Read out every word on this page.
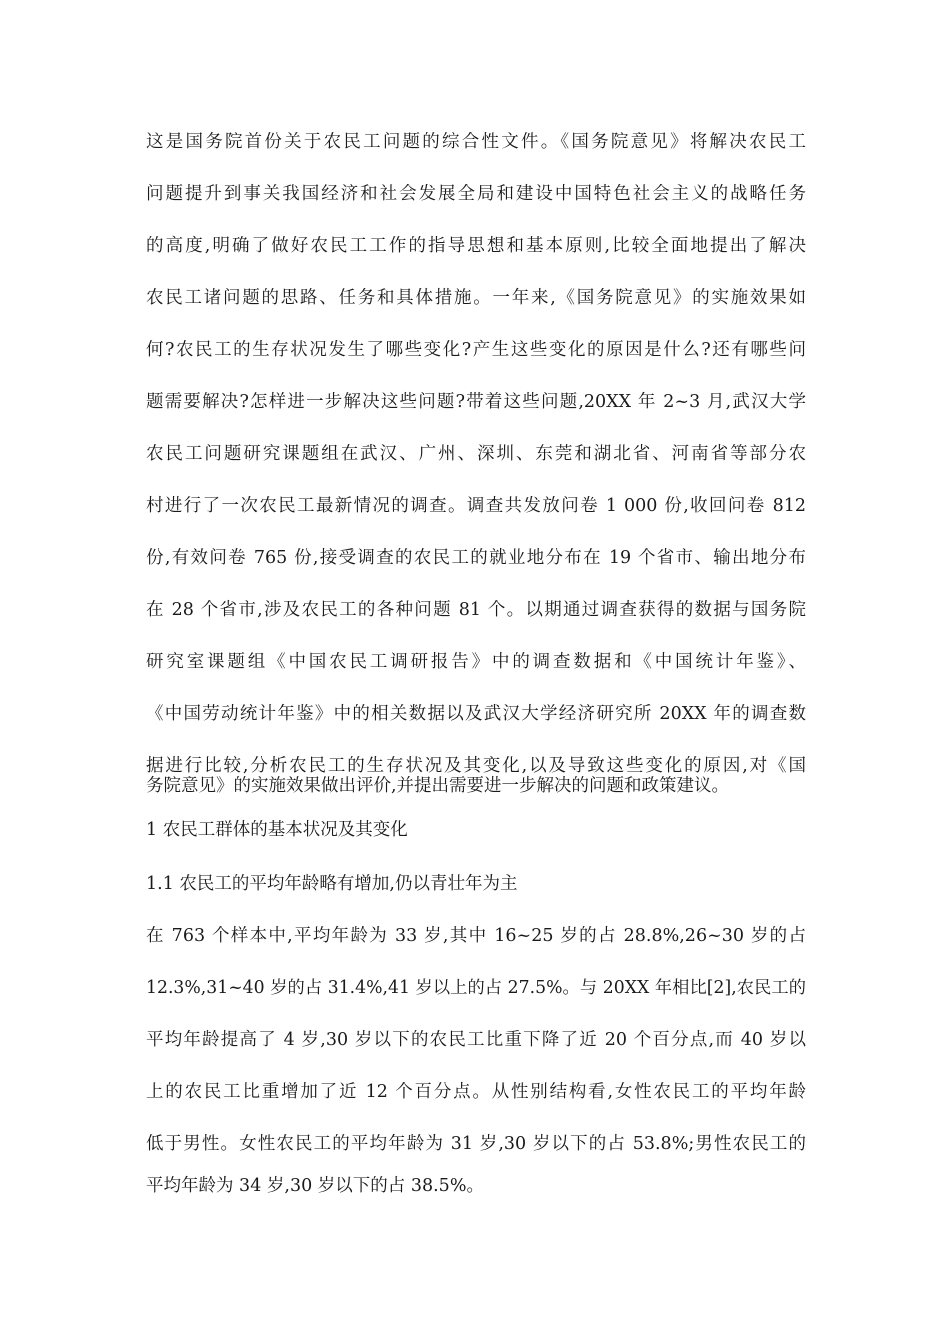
这是国务院首份关于农民工问题的综合性文件。《国务院意见》将解决农民工
问题提升到事关我国经济和社会发展全局和建设中国特色社会主义的战略任务
的高度,明确了做好农民工工作的指导思想和基本原则,比较全面地提出了解决
农民工诸问题的思路、任务和具体措施。一年来,《国务院意见》的实施效果如
何?农民工的生存状况发生了哪些变化?产生这些变化的原因是什么?还有哪些问
题需要解决?怎样进一步解决这些问题?带着这些问题,20XX 年 2~3 月,武汉大学
农民工问题研究课题组在武汉、广州、深圳、东莞和湖北省、河南省等部分农
村进行了一次农民工最新情况的调查。调查共发放问卷 1 000 份,收回问卷 812
份,有效问卷 765 份,接受调查的农民工的就业地分布在 19 个省市、输出地分布
在 28 个省市,涉及农民工的各种问题 81 个。以期通过调查获得的数据与国务院
研究室课题组《中国农民工调研报告》中的调查数据和《中国统计年鉴》、
《中国劳动统计年鉴》中的相关数据以及武汉大学经济研究所 20XX 年的调查数
据进行比较,分析农民工的生存状况及其变化,以及导致这些变化的原因,对《国
务院意见》的实施效果做出评价,并提出需要进一步解决的问题和政策建议。
1 农民工群体的基本状况及其变化
1.1 农民工的平均年龄略有增加,仍以青壮年为主
在 763 个样本中,平均年龄为 33 岁,其中 16~25 岁的占 28.8%,26~30 岁的占
12.3%,31~40 岁的占 31.4%,41 岁以上的占 27.5%。与 20XX 年相比[2],农民工的
平均年龄提高了 4 岁,30 岁以下的农民工比重下降了近 20 个百分点,而 40 岁以
上的农民工比重增加了近 12 个百分点。从性别结构看,女性农民工的平均年龄
低于男性。女性农民工的平均年龄为 31 岁,30 岁以下的占 53.8%;男性农民工的
平均年龄为 34 岁,30 岁以下的占 38.5%。
